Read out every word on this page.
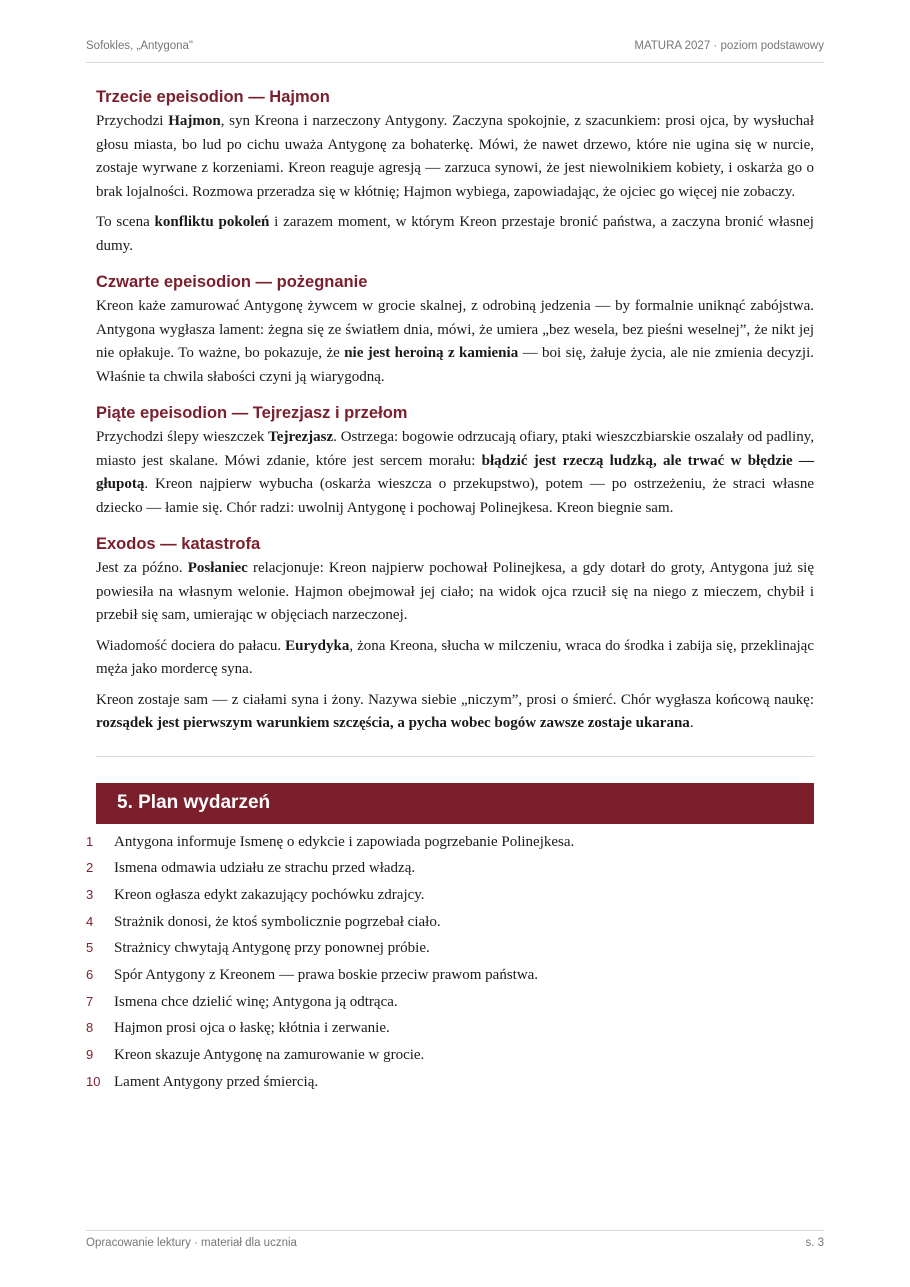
Sofokles, „Antygona"	MATURA 2027 · poziom podstawowy
Trzecie epeisodion — Hajmon

Przychodzi Hajmon, syn Kreona i narzeczony Antygony. Zaczyna spokojnie, z szacunkiem: prosi ojca, by wysłuchał głosu miasta, bo lud po cichu uważa Antygonę za bohaterkę. Mówi, że nawet drzewo, które nie ugina się w nurcie, zostaje wyrwane z korzeniami. Kreon reaguje agresją — zarzuca synowi, że jest niewolnikiem kobiety, i oskarża go o brak lojalności. Rozmowa przeradza się w kłótnię; Hajmon wybiega, zapowiadając, że ojciec go więcej nie zobaczy.

To scena konfliktu pokoleń i zarazem moment, w którym Kreon przestaje bronić państwa, a zaczyna bronić własnej dumy.

Czwarte epeisodion — pożegnanie

Kreon każe zamurować Antygonę żywcem w grocie skalnej, z odrobiną jedzenia — by formalnie uniknąć zabójstwa. Antygona wygłasza lament: żegna się ze światłem dnia, mówi, że umiera „bez wesela, bez pieśni weselnej”, że nikt jej nie opłakuje. To ważne, bo pokazuje, że nie jest heroiną z kamienia — boi się, żałuje życia, ale nie zmienia decyzji. Właśnie ta chwila słabości czyni ją wiarygodną.

Piąte epeisodion — Tejrezjasz i przełom

Przychodzi ślepy wieszczek Tejrezjasz. Ostrzega: bogowie odrzucają ofiary, ptaki wieszczbiarskie oszalały od padliny, miasto jest skalane. Mówi zdanie, które jest sercem morału: błądzić jest rzeczą ludzką, ale trwać w błędzie — głupotą. Kreon najpierw wybucha (oskarża wieszcza o przekupstwo), potem — po ostrzeżeniu, że straci własne dziecko — łamie się. Chór radzi: uwolnij Antygonę i pochowaj Polinejkesa. Kreon biegnie sam.

Exodos — katastrofa

Jest za późno. Posłaniec relacjonuje: Kreon najpierw pochował Polinejkesa, a gdy dotarł do groty, Antygona już się powiesiła na własnym welonie. Hajmon obejmował jej ciało; na widok ojca rzucił się na niego z mieczem, chybił i przebił się sam, umierając w objęciach narzeczonej.

Wiadomość dociera do pałacu. Eurydyka, żona Kreona, słucha w milczeniu, wraca do środka i zabija się, przeklinając męża jako mordercę syna.

Kreon zostaje sam — z ciałami syna i żony. Nazywa siebie „niczym”, prosi o śmierć. Chór wygłasza końcową naukę: rozsądek jest pierwszym warunkiem szczęścia, a pycha wobec bogów zawsze zostaje ukarana.

5. Plan wydarzeń
1	Antygona informuje Ismenę o edykcie i zapowiada pogrzebanie Polinejkesa.
2	Ismena odmawia udziału ze strachu przed władzą.
3	Kreon ogłasza edykt zakazujący pochówku zdrajcy.
4	Strażnik donosi, że ktoś symbolicznie pogrzebał ciało.
5	Strażnicy chwytają Antygonę przy ponownej próbie.
6	Spór Antygony z Kreonem — prawa boskie przeciw prawom państwa.
7	Ismena chce dzielić winę; Antygona ją odtrąca.
8	Hajmon prosi ojca o łaskę; kłótnia i zerwanie.
9	Kreon skazuje Antygonę na zamurowanie w grocie.
10 Lament Antygony przed śmiercią.
Opracowanie lektury · materiał dla ucznia	s. 3
